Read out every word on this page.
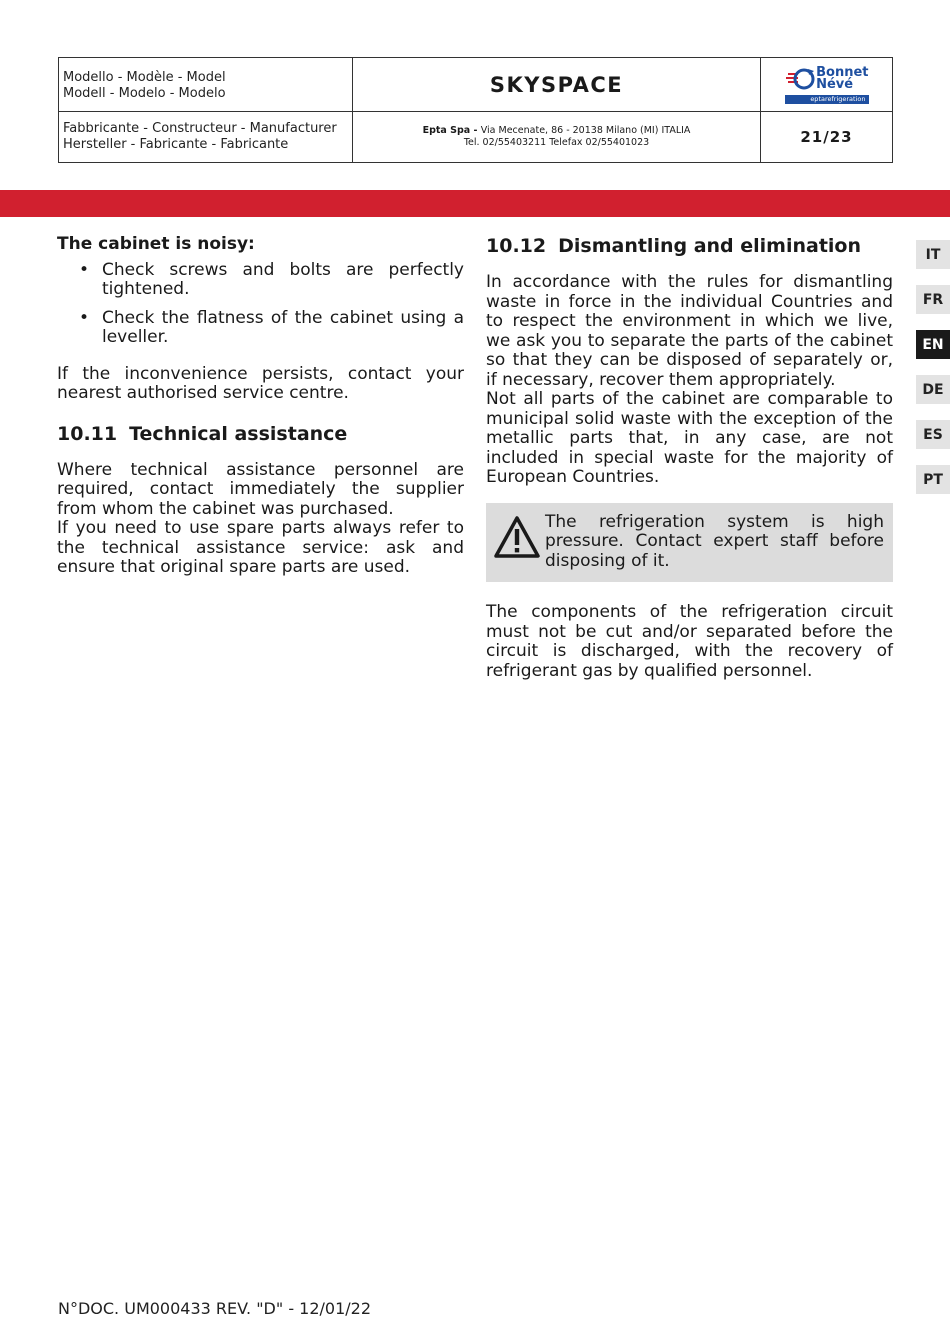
Modello - Modèle - Model
Modell - Modelo - Modelo	SKYSPACE
Bonnet
Névé
eptarefrigeration
Fabbricante - Constructeur - Manufacturer
Hersteller - Fabricante - Fabricante
Epta Spa - Via Mecenate, 86 - 20138 Milano (MI) ITALIA
Tel. 02/55403211 Telefax 02/55401023	21/23
The cabinet is noisy:
• Check screws and bolts are perfectly tightened.
• Check the flatness of the cabinet using a leveller.

If the inconvenience persists, contact your nearest authorised service centre.

10.11 Technical assistance

Where technical assistance personnel are required, contact immediately the supplier from whom the cabinet was purchased.

If you need to use spare parts always refer to the technical assistance service: ask and ensure that original spare parts are used.

10.12 Dismantling and elimination

In accordance with the rules for dismantling waste in force in the individual Countries and to respect the environment in which we live, we ask you to separate the parts of the cabinet so that they can be disposed of separately or, if necessary, recover them appropriately.

Not all parts of the cabinet are comparable to municipal solid waste with the exception of the metallic parts that, in any case, are not included in special waste for the majority of European Countries.

The refrigeration system is high pressure. Contact expert staff before disposing of it.

The components of the refrigeration circuit must not be cut and/or separated before the circuit is discharged, with the recovery of refrigerant gas by qualified personnel.

IT
FR
EN
DE
ES
PT
N°DOC. UM000433 REV. "D" - 12/01/22
